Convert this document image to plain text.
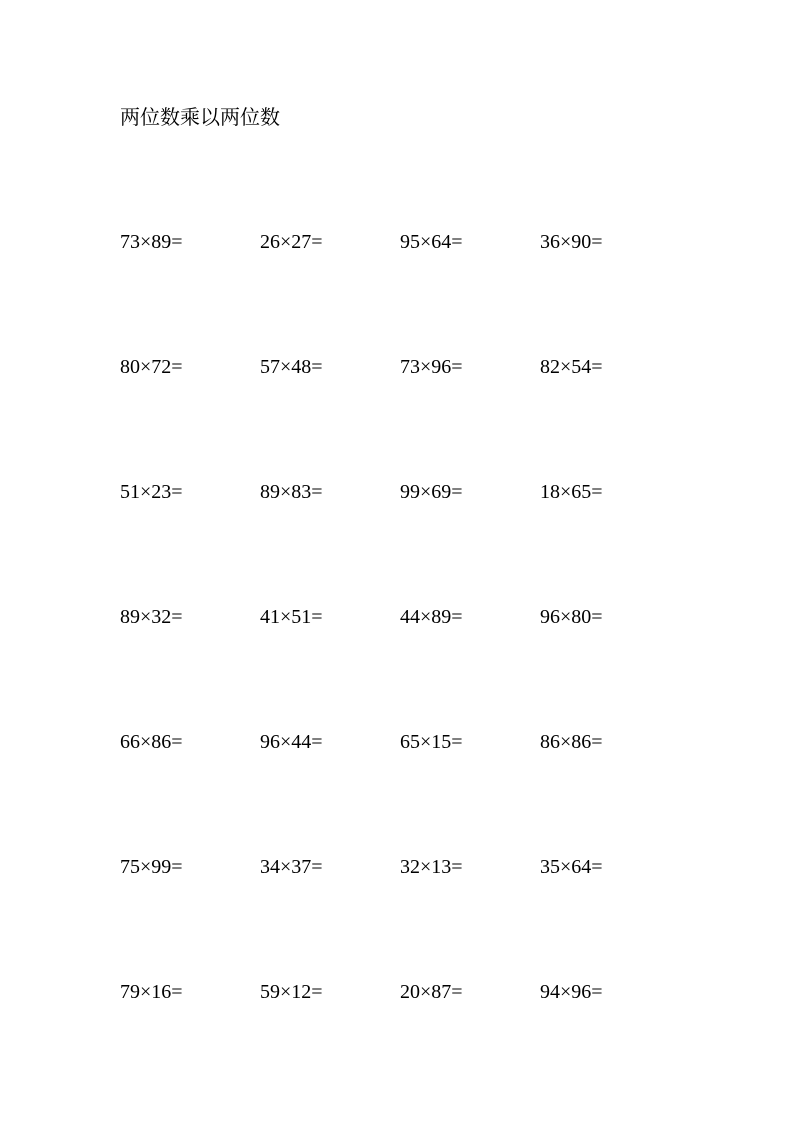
两位数乘以两位数
73×89=	26×27=	95×64=	36×90=
80×72=	57×48=	73×96=	82×54=
51×23=	89×83=	99×69=	18×65=
89×32=	41×51=	44×89=	96×80=
66×86=	96×44=	65×15=	86×86=
75×99=	34×37=	32×13=	35×64=
79×16=	59×12=	20×87=	94×96=
